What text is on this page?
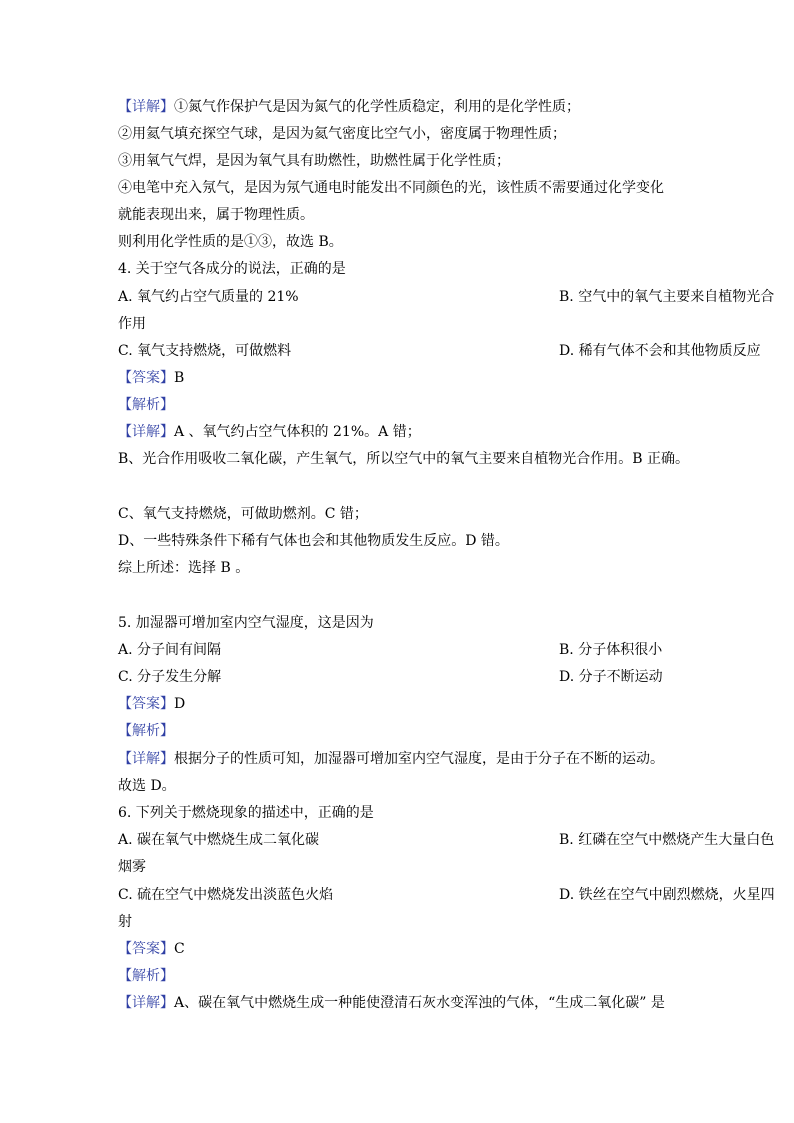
【详解】①氮气作保护气是因为氮气的化学性质稳定，利用的是化学性质；
②用氦气填充探空气球，是因为氦气密度比空气小，密度属于物理性质；
③用氧气气焊，是因为氧气具有助燃性，助燃性属于化学性质；
④电笔中充入氖气，是因为氖气通电时能发出不同颜色的光，该性质不需要通过化学变化
就能表现出来，属于物理性质。
则利用化学性质的是①③，故选 B。
4. 关于空气各成分的说法，正确的是
A. 氧气约占空气质量的 21%	B. 空气中的氧气主要来自植物光合
作用
C. 氧气支持燃烧，可做燃料	D. 稀有气体不会和其他物质反应
【答案】B
【解析】
【详解】A 、氧气约占空气体积的 21%。A 错；
B、光合作用吸收二氧化碳，产生氧气，所以空气中的氧气主要来自植物光合作用。B 正确。
C、氧气支持燃烧，可做助燃剂。C 错；
D、一些特殊条件下稀有气体也会和其他物质发生反应。D 错。
综上所述：选择 B 。
5. 加湿器可增加室内空气湿度，这是因为
A. 分子间有间隔	B. 分子体积很小
C. 分子发生分解	D. 分子不断运动
【答案】D
【解析】
【详解】根据分子的性质可知，加湿器可增加室内空气湿度，是由于分子在不断的运动。
故选 D。
6. 下列关于燃烧现象的描述中，正确的是
A. 碳在氧气中燃烧生成二氧化碳	B. 红磷在空气中燃烧产生大量白色
烟雾
C. 硫在空气中燃烧发出淡蓝色火焰	D. 铁丝在空气中剧烈燃烧，火星四
射
【答案】C
【解析】
【详解】A、碳在氧气中燃烧生成一种能使澄清石灰水变浑浊的气体，“生成二氧化碳” 是
